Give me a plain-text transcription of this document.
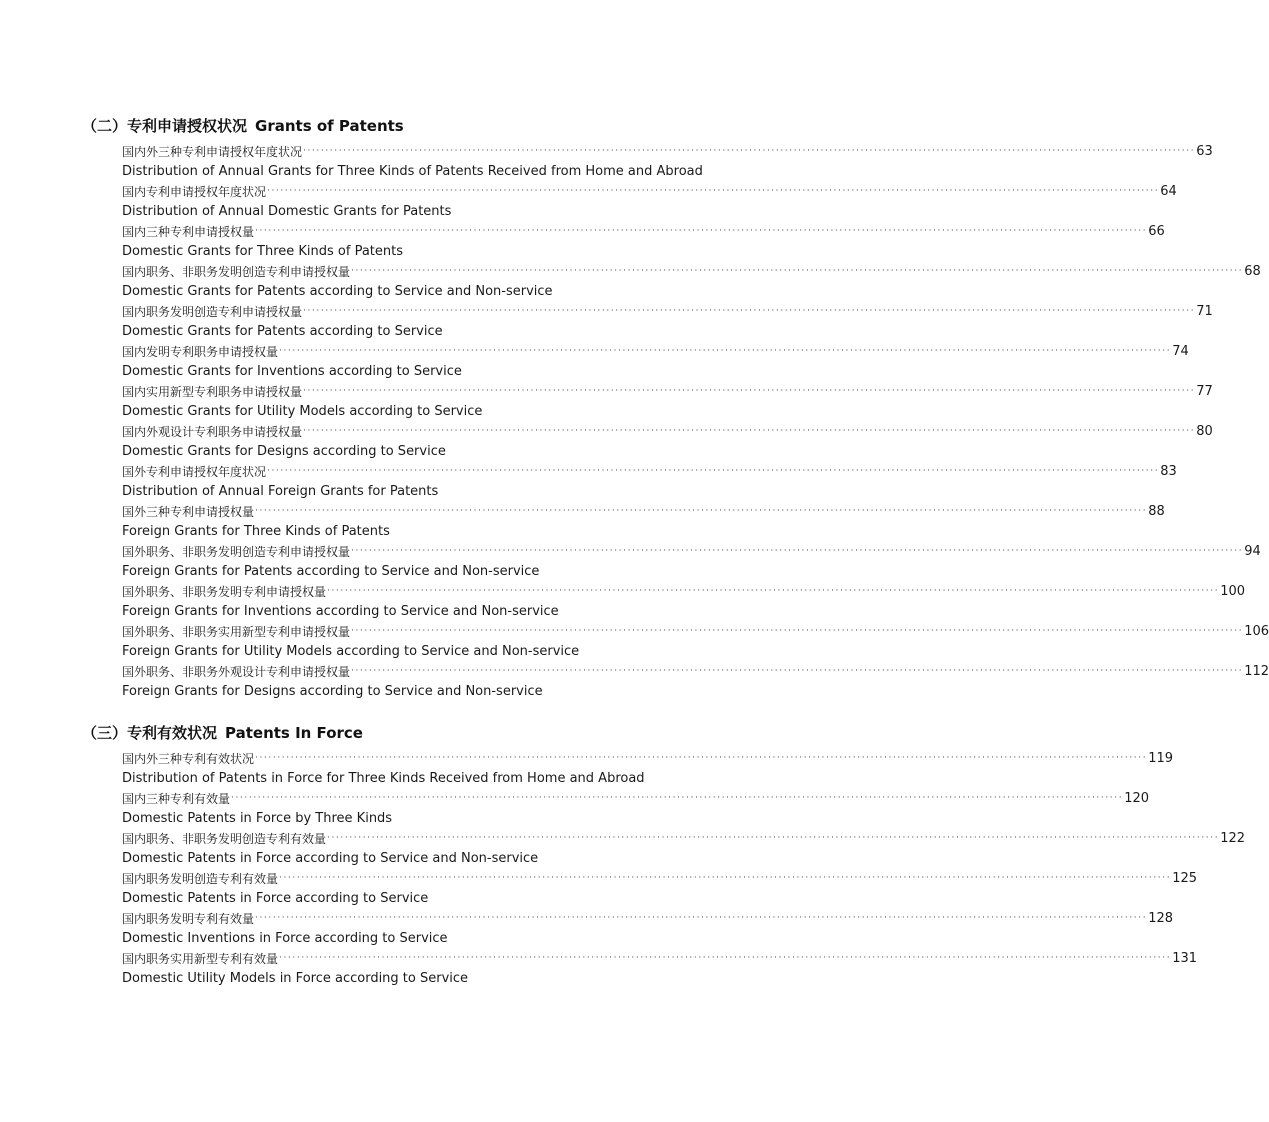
（二）专利申请授权状况 Grants of Patents
国内外三种专利申请授权年度状况 ········································································································································································································ 63
Distribution of Annual Grants for Three Kinds of Patents Received from Home and Abroad
国内专利申请授权年度状况 ········································································································································································································ 64
Distribution of Annual Domestic Grants for Patents
国内三种专利申请授权量 ········································································································································································································ 66
Domestic Grants for Three Kinds of Patents
国内职务、非职务发明创造专利申请授权量 ········································································································································································································ 68
Domestic Grants for Patents according to Service and Non-service
国内职务发明创造专利申请授权量 ········································································································································································································ 71
Domestic Grants for Patents according to Service
国内发明专利职务申请授权量 ········································································································································································································ 74
Domestic Grants for Inventions according to Service
国内实用新型专利职务申请授权量 ········································································································································································································ 77
Domestic Grants for Utility Models according to Service
国内外观设计专利职务申请授权量 ········································································································································································································ 80
Domestic Grants for Designs according to Service
国外专利申请授权年度状况 ········································································································································································································ 83
Distribution of Annual Foreign Grants for Patents
国外三种专利申请授权量 ········································································································································································································ 88
Foreign Grants for Three Kinds of Patents
国外职务、非职务发明创造专利申请授权量 ········································································································································································································ 94
Foreign Grants for Patents according to Service and Non-service
国外职务、非职务发明专利申请授权量 ········································································································································································································ 100
Foreign Grants for Inventions according to Service and Non-service
国外职务、非职务实用新型专利申请授权量 ········································································································································································································ 106
Foreign Grants for Utility Models according to Service and Non-service
国外职务、非职务外观设计专利申请授权量 ········································································································································································································ 112
Foreign Grants for Designs according to Service and Non-service
（三）专利有效状况 Patents In Force
国内外三种专利有效状况 ········································································································································································································ 119
Distribution of Patents in Force for Three Kinds Received from Home and Abroad
国内三种专利有效量 ········································································································································································································ 120
Domestic Patents in Force by Three Kinds
国内职务、非职务发明创造专利有效量 ········································································································································································································ 122
Domestic Patents in Force according to Service and Non-service
国内职务发明创造专利有效量 ········································································································································································································ 125
Domestic Patents in Force according to Service
国内职务发明专利有效量 ········································································································································································································ 128
Domestic Inventions in Force according to Service
国内职务实用新型专利有效量 ········································································································································································································ 131
Domestic Utility Models in Force according to Service
